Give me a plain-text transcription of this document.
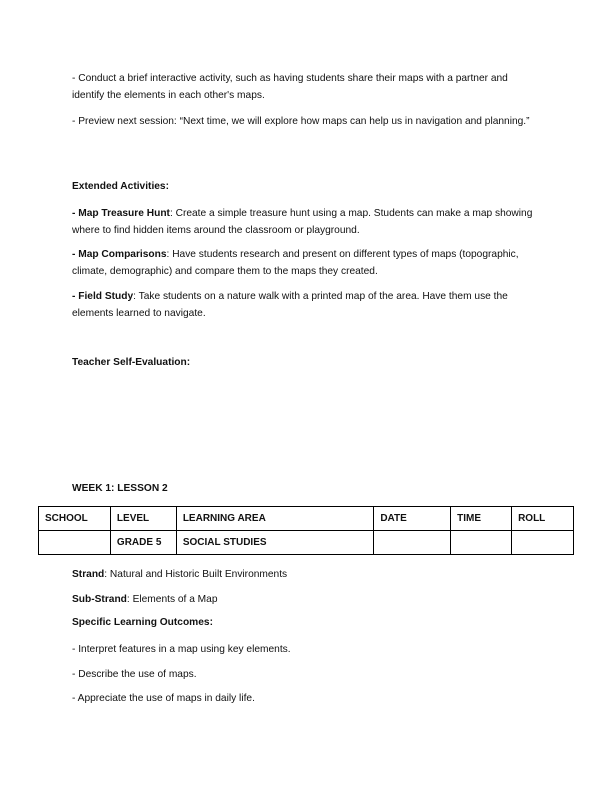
- Conduct a brief interactive activity, such as having students share their maps with a partner and identify the elements in each other's maps.

- Preview next session: “Next time, we will explore how maps can help us in navigation and planning.”

Extended Activities:

- Map Treasure Hunt: Create a simple treasure hunt using a map. Students can make a map showing where to find hidden items around the classroom or playground.

- Map Comparisons: Have students research and present on different types of maps (topographic, climate, demographic) and compare them to the maps they created.

- Field Study: Take students on a nature walk with a printed map of the area. Have them use the elements learned to navigate.

Teacher Self-Evaluation:

WEEK 1: LESSON 2

SCHOOL	LEVEL	LEARNING AREA	DATE	TIME	ROLL
	GRADE 5	SOCIAL STUDIES			

Strand: Natural and Historic Built Environments

Sub-Strand: Elements of a Map

Specific Learning Outcomes:

- Interpret features in a map using key elements.

- Describe the use of maps.

- Appreciate the use of maps in daily life.
